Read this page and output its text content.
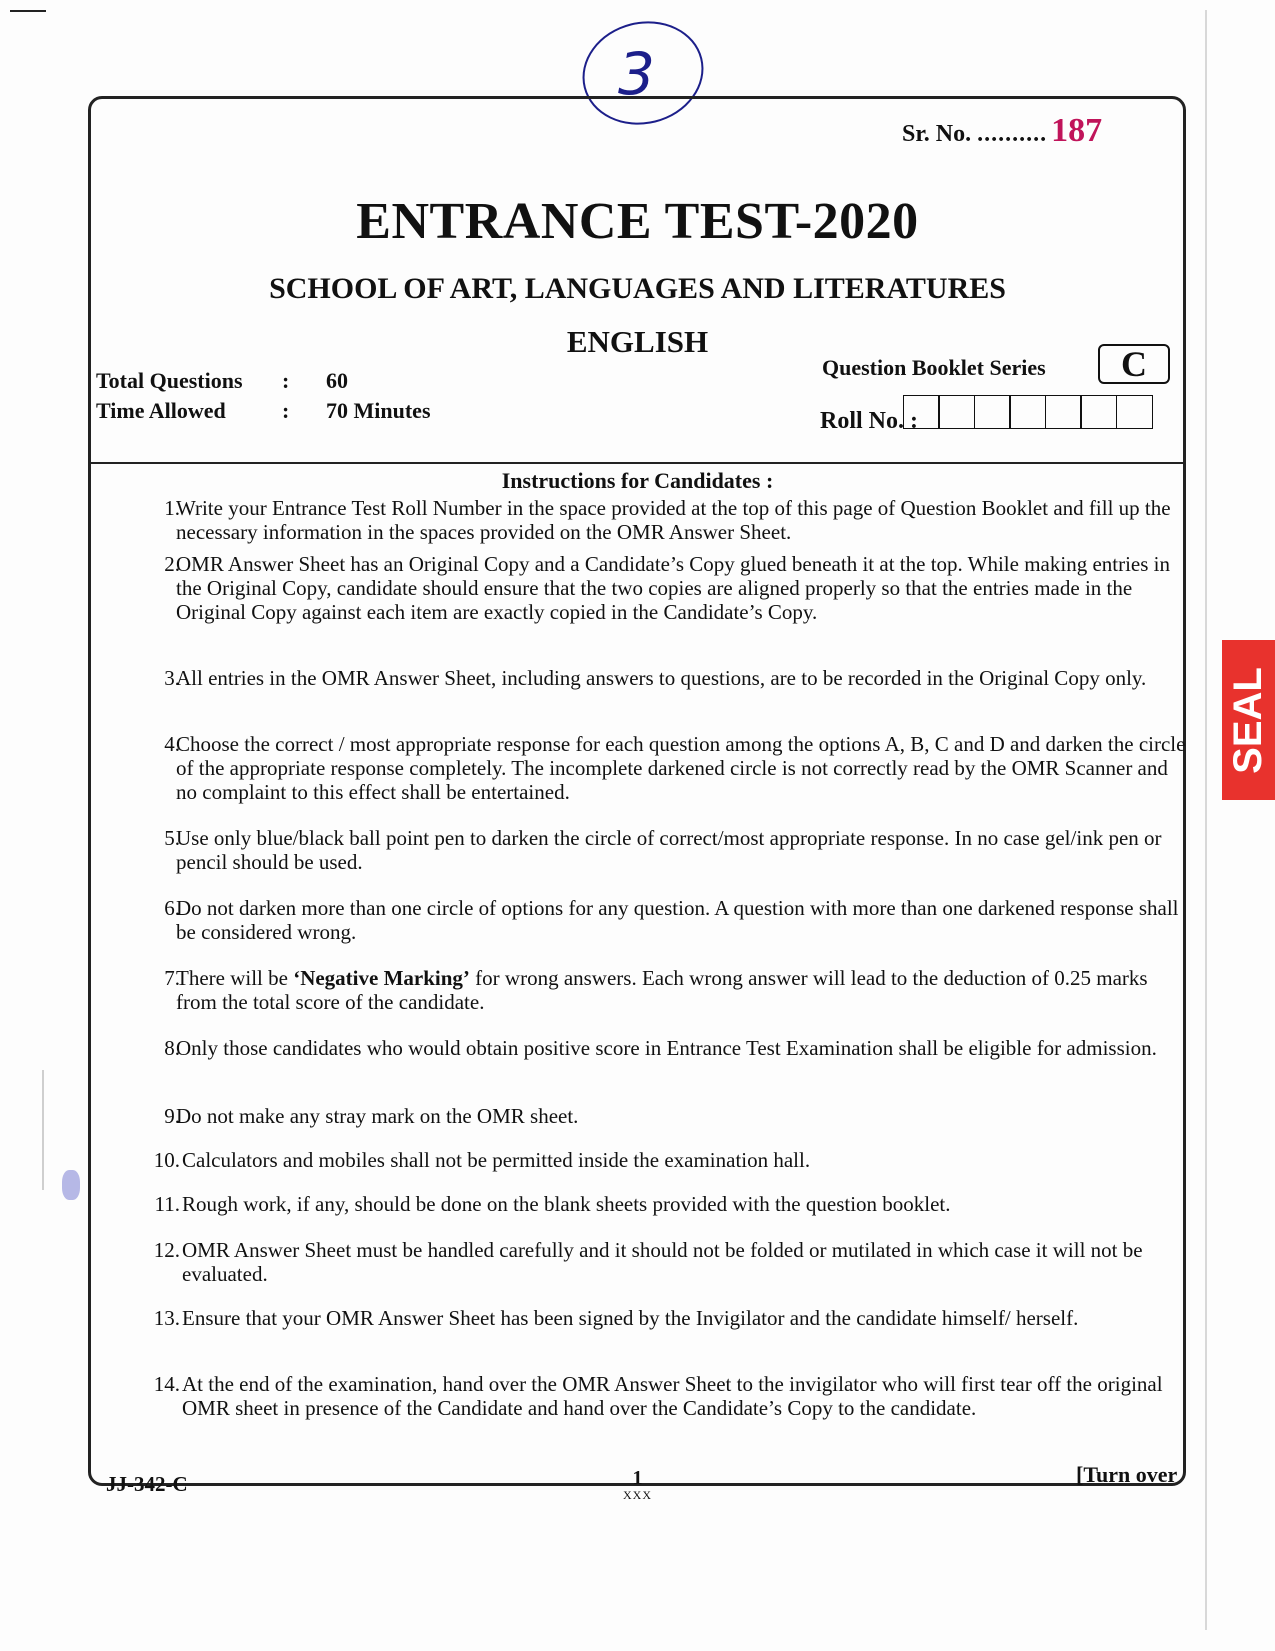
3
Sr. No. .......... 187
ENTRANCE TEST-2020
SCHOOL OF ART, LANGUAGES AND LITERATURES
ENGLISH
Question Booklet Series	C
Total Questions : 60
Time Allowed	: 70 Minutes	Roll No. :
Instructions for Candidates :
1.
Write your Entrance Test Roll Number in the space provided at the top of this page of Question Booklet and fill up the necessary information in the spaces provided on the OMR Answer Sheet.
2.
OMR Answer Sheet has an Original Copy and a Candidate’s Copy glued beneath it at the top. While making entries in the Original Copy, candidate should ensure that the two copies are aligned properly so that the entries made in the Original Copy against each item are exactly copied in the Candidate’s Copy.
3.
All entries in the OMR Answer Sheet, including answers to questions, are to be recorded in the Original Copy only.
4.
Choose the correct / most appropriate response for each question among the options A, B, C and D and darken the circle of the appropriate response completely. The incomplete darkened circle is not correctly read by the OMR Scanner and no complaint to this effect shall be entertained.
5.
Use only blue/black ball point pen to darken the circle of correct/most appropriate response. In no case gel/ink pen or pencil should be used.
6.
Do not darken more than one circle of options for any question. A question with more than one darkened response shall be considered wrong.
7.
There will be ‘Negative Marking’ for wrong answers. Each wrong answer will lead to the deduction of 0.25 marks from the total score of the candidate.
8.
Only those candidates who would obtain positive score in Entrance Test Examination shall be eligible for admission.
9.
Do not make any stray mark on the OMR sheet.
10. Calculators and mobiles shall not be permitted inside the examination hall.
11. Rough work, if any, should be done on the blank sheets provided with the question booklet.
12. OMR Answer Sheet must be handled carefully and it should not be folded or mutilated in which case it will not be evaluated.
13. Ensure that your OMR Answer Sheet has been signed by the Invigilator and the candidate himself/ herself.
14. At the end of the examination, hand over the OMR Answer Sheet to the invigilator who will first tear off the original OMR sheet in presence of the Candidate and hand over the Candidate’s Copy to the candidate.
JJ-342-C	1
XXX
[Turn over
SEAL
